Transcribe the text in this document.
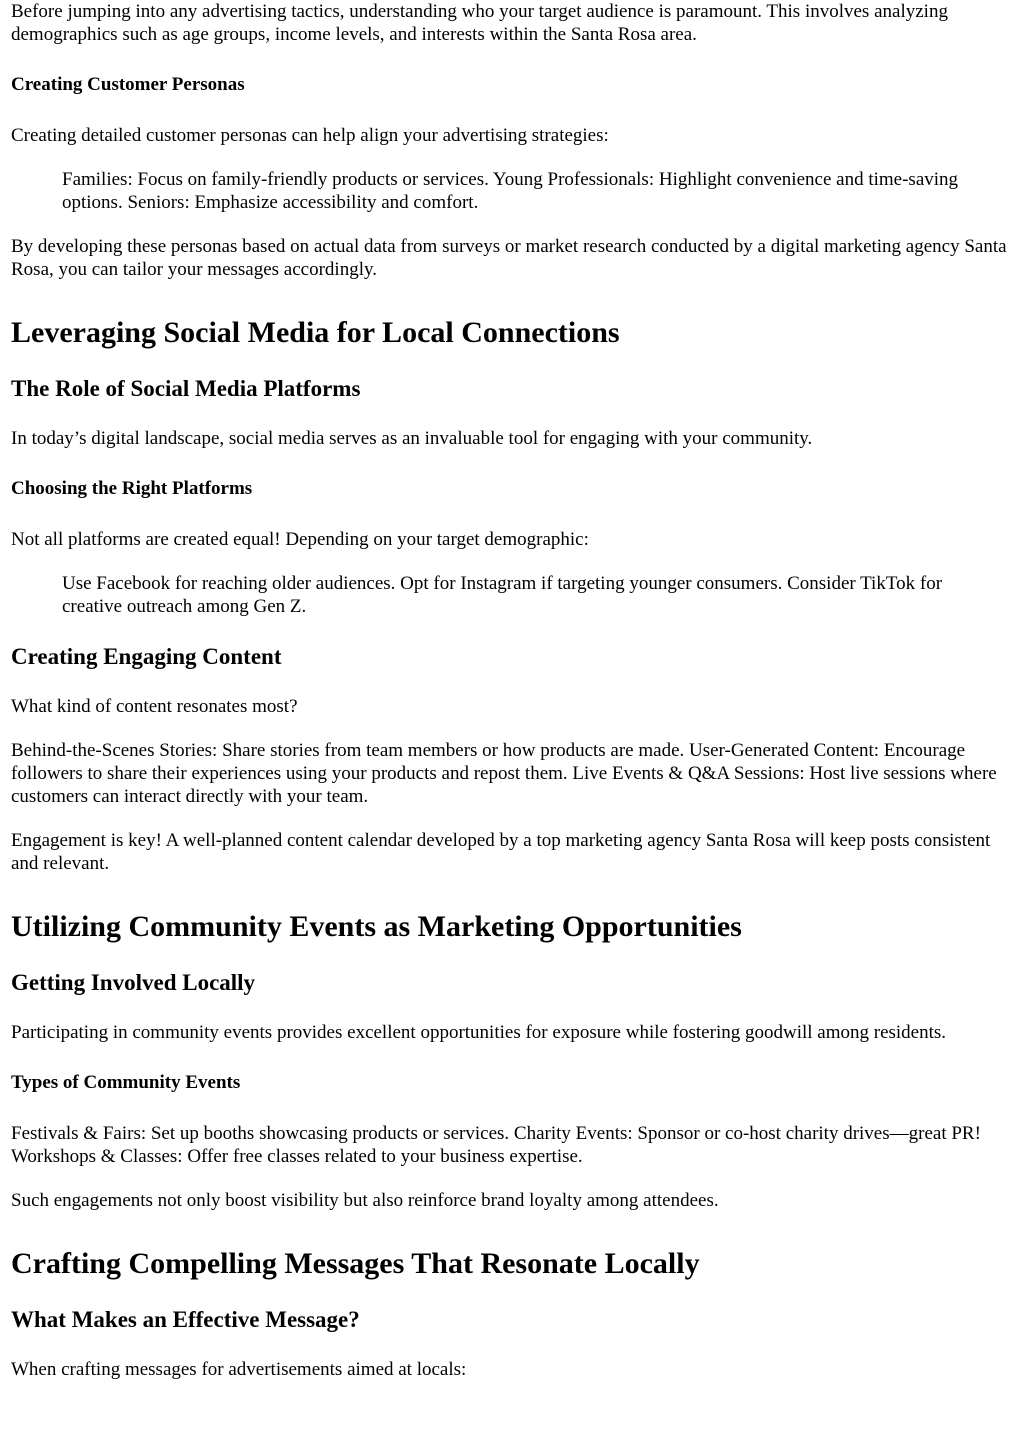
Before jumping into any advertising tactics, understanding who your target audience is paramount. This involves analyzing demographics such as age groups, income levels, and interests within the Santa Rosa area.

Creating Customer Personas

Creating detailed customer personas can help align your advertising strategies:

Families: Focus on family-friendly products or services. Young Professionals: Highlight convenience and time-saving options. Seniors: Emphasize accessibility and comfort.

By developing these personas based on actual data from surveys or market research conducted by a digital marketing agency Santa Rosa, you can tailor your messages accordingly.

Leveraging Social Media for Local Connections
The Role of Social Media Platforms

In today’s digital landscape, social media serves as an invaluable tool for engaging with your community.

Choosing the Right Platforms

Not all platforms are created equal! Depending on your target demographic:

Use Facebook for reaching older audiences. Opt for Instagram if targeting younger consumers. Consider TikTok for creative outreach among Gen Z.

Creating Engaging Content

What kind of content resonates most?

Behind-the-Scenes Stories: Share stories from team members or how products are made. User-Generated Content: Encourage followers to share their experiences using your products and repost them. Live Events & Q&A Sessions: Host live sessions where customers can interact directly with your team.

Engagement is key! A well-planned content calendar developed by a top marketing agency Santa Rosa will keep posts consistent and relevant.

Utilizing Community Events as Marketing Opportunities
Getting Involved Locally

Participating in community events provides excellent opportunities for exposure while fostering goodwill among residents.

Types of Community Events

Festivals & Fairs: Set up booths showcasing products or services. Charity Events: Sponsor or co-host charity drives—great PR! Workshops & Classes: Offer free classes related to your business expertise.

Such engagements not only boost visibility but also reinforce brand loyalty among attendees.

Crafting Compelling Messages That Resonate Locally
What Makes an Effective Message?

When crafting messages for advertisements aimed at locals:
